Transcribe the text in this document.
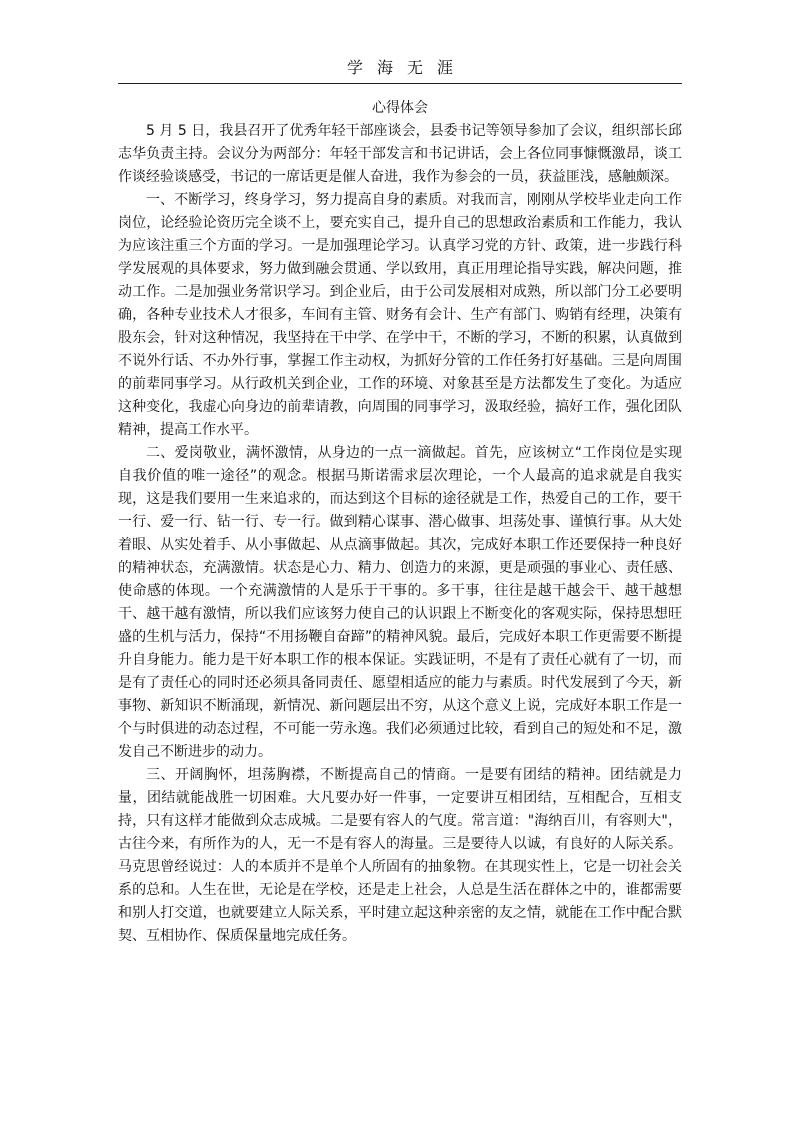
学海无涯
心得体会

5 月 5 日，我县召开了优秀年轻干部座谈会，县委书记等领导参加了会议，组织部长邱志华负责主持。会议分为两部分：年轻干部发言和书记讲话，会上各位同事慷慨激昂，谈工作谈经验谈感受，书记的一席话更是催人奋进，我作为参会的一员，获益匪浅，感触颇深。

一、不断学习，终身学习，努力提高自身的素质。对我而言，刚刚从学校毕业走向工作岗位，论经验论资历完全谈不上，要充实自己，提升自己的思想政治素质和工作能力，我认为应该注重三个方面的学习。一是加强理论学习。认真学习党的方针、政策，进一步践行科学发展观的具体要求，努力做到融会贯通、学以致用，真正用理论指导实践，解决问题，推动工作。二是加强业务常识学习。到企业后，由于公司发展相对成熟，所以部门分工必要明确，各种专业技术人才很多，车间有主管、财务有会计、生产有部门、购销有经理，决策有股东会，针对这种情况，我坚持在干中学、在学中干，不断的学习，不断的积累，认真做到不说外行话、不办外行事，掌握工作主动权，为抓好分管的工作任务打好基础。三是向周围的前辈同事学习。从行政机关到企业，工作的环境、对象甚至是方法都发生了变化。为适应这种变化，我虚心向身边的前辈请教，向周围的同事学习，汲取经验，搞好工作，强化团队精神，提高工作水平。

二、爱岗敬业，满怀激情，从身边的一点一滴做起。首先，应该树立“工作岗位是实现自我价值的唯一途径”的观念。根据马斯诺需求层次理论，一个人最高的追求就是自我实现，这是我们要用一生来追求的，而达到这个目标的途径就是工作，热爱自己的工作，要干一行、爱一行、钻一行、专一行。做到精心谋事、潜心做事、坦荡处事、谨慎行事。从大处着眼、从实处着手、从小事做起、从点滴事做起。其次，完成好本职工作还要保持一种良好的精神状态，充满激情。状态是心力、精力、创造力的来源，更是顽强的事业心、责任感、使命感的体现。一个充满激情的人是乐于干事的。多干事，往往是越干越会干、越干越想干、越干越有激情，所以我们应该努力使自己的认识跟上不断变化的客观实际，保持思想旺盛的生机与活力，保持“不用扬鞭自奋蹄”的精神风貌。最后，完成好本职工作更需要不断提升自身能力。能力是干好本职工作的根本保证。实践证明，不是有了责任心就有了一切，而是有了责任心的同时还必须具备同责任、愿望相适应的能力与素质。时代发展到了今天，新事物、新知识不断涌现，新情况、新问题层出不穷，从这个意义上说，完成好本职工作是一个与时俱进的动态过程，不可能一劳永逸。我们必须通过比较，看到自己的短处和不足，激发自己不断进步的动力。

三、开阔胸怀，坦荡胸襟，不断提高自己的情商。一是要有团结的精神。团结就是力量，团结就能战胜一切困难。大凡要办好一件事，一定要讲互相团结，互相配合，互相支持，只有这样才能做到众志成城。二是要有容人的气度。常言道："海纳百川，有容则大"，古往今来，有所作为的人，无一不是有容人的海量。三是要待人以诚，有良好的人际关系。马克思曾经说过：人的本质并不是单个人所固有的抽象物。在其现实性上，它是一切社会关系的总和。人生在世，无论是在学校，还是走上社会，人总是生活在群体之中的，谁都需要和别人打交道，也就要建立人际关系，平时建立起这种亲密的友之情，就能在工作中配合默契、互相协作、保质保量地完成任务。
